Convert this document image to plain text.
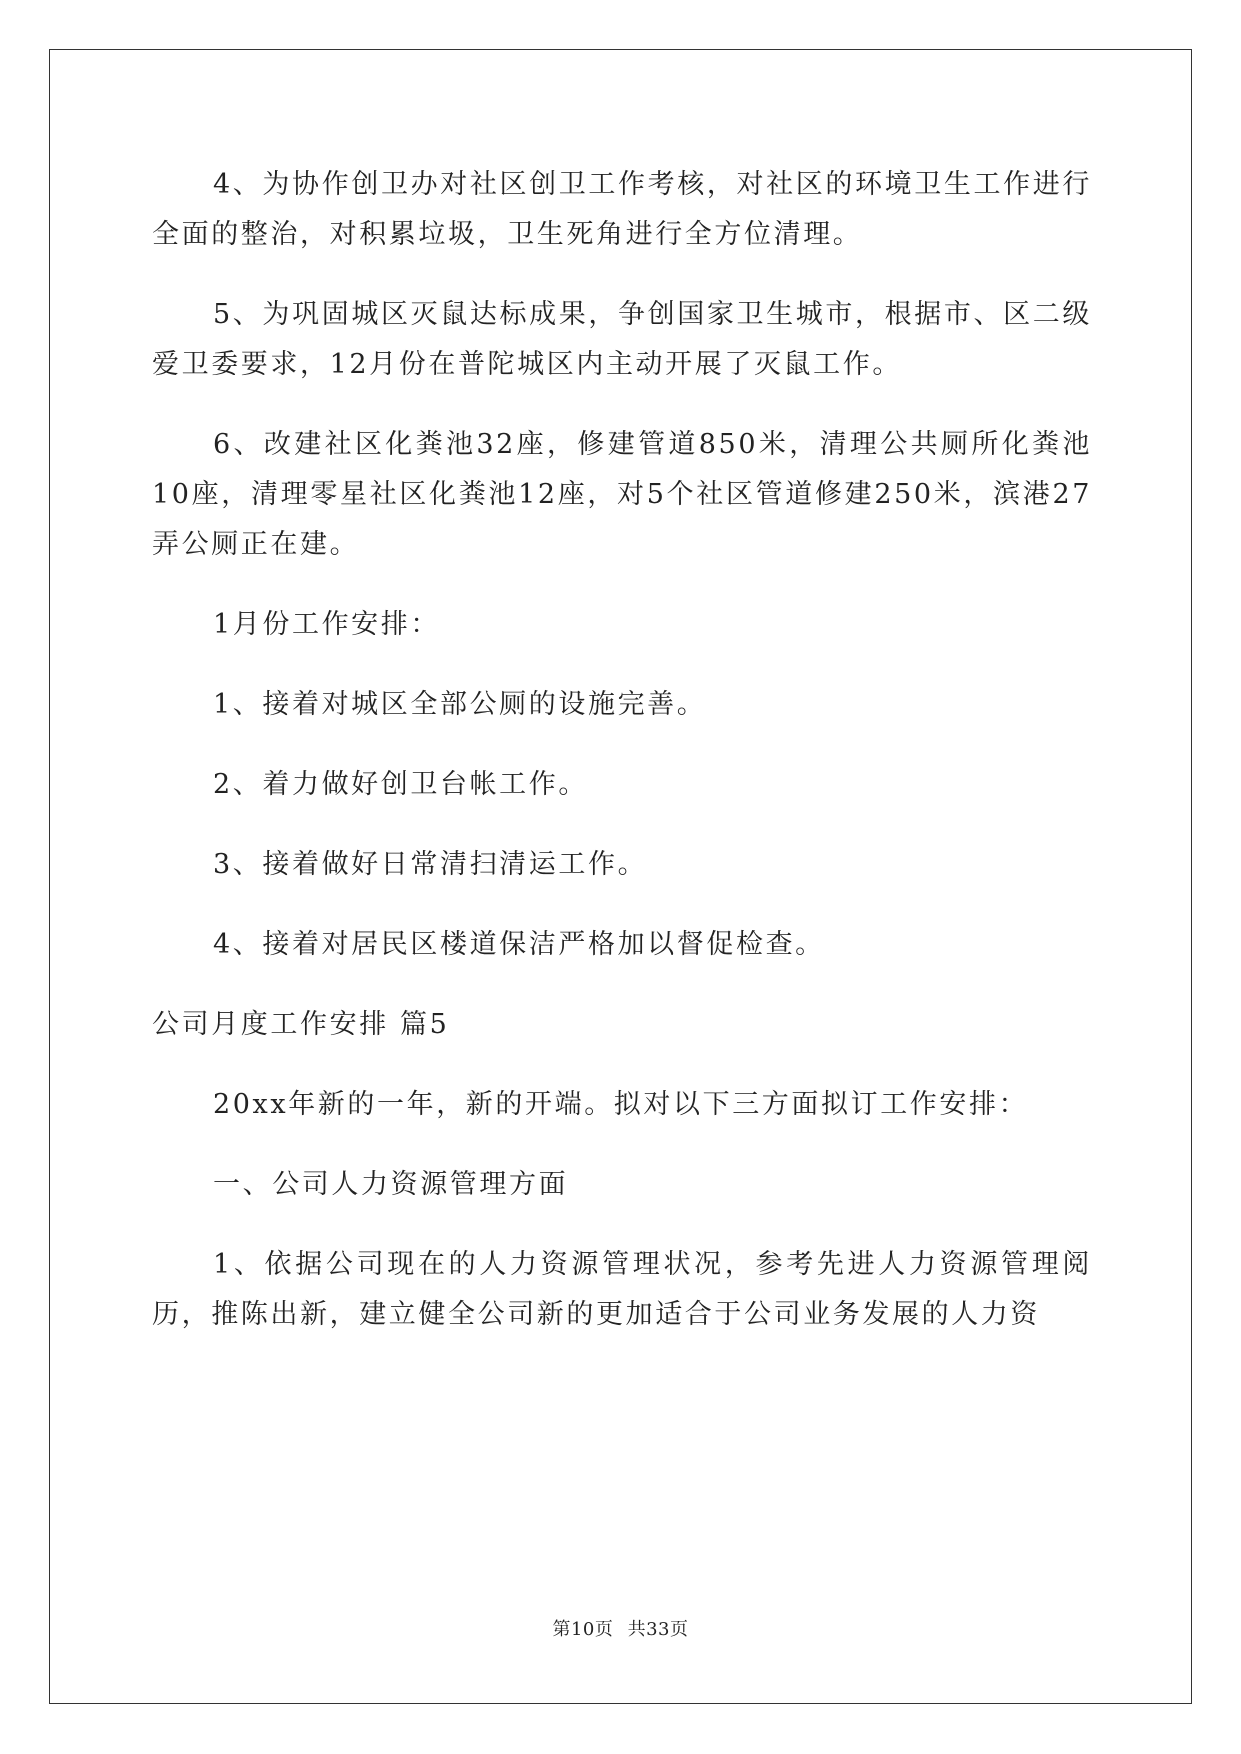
4、为协作创卫办对社区创卫工作考核，对社区的环境卫生工作进行全面的整治，对积累垃圾，卫生死角进行全方位清理。

5、为巩固城区灭鼠达标成果，争创国家卫生城市，根据市、区二级爱卫委要求，12月份在普陀城区内主动开展了灭鼠工作。

6、改建社区化粪池32座，修建管道850米，清理公共厕所化粪池10座，清理零星社区化粪池12座，对5个社区管道修建250米，滨港27弄公厕正在建。

1月份工作安排：

1、接着对城区全部公厕的设施完善。

2、着力做好创卫台帐工作。

3、接着做好日常清扫清运工作。

4、接着对居民区楼道保洁严格加以督促检查。

公司月度工作安排 篇5

20xx年新的一年，新的开端。拟对以下三方面拟订工作安排：

一、公司人力资源管理方面

1、依据公司现在的人力资源管理状况，参考先进人力资源管理阅历，推陈出新，建立健全公司新的更加适合于公司业务发展的人力资

第10页 共33页
